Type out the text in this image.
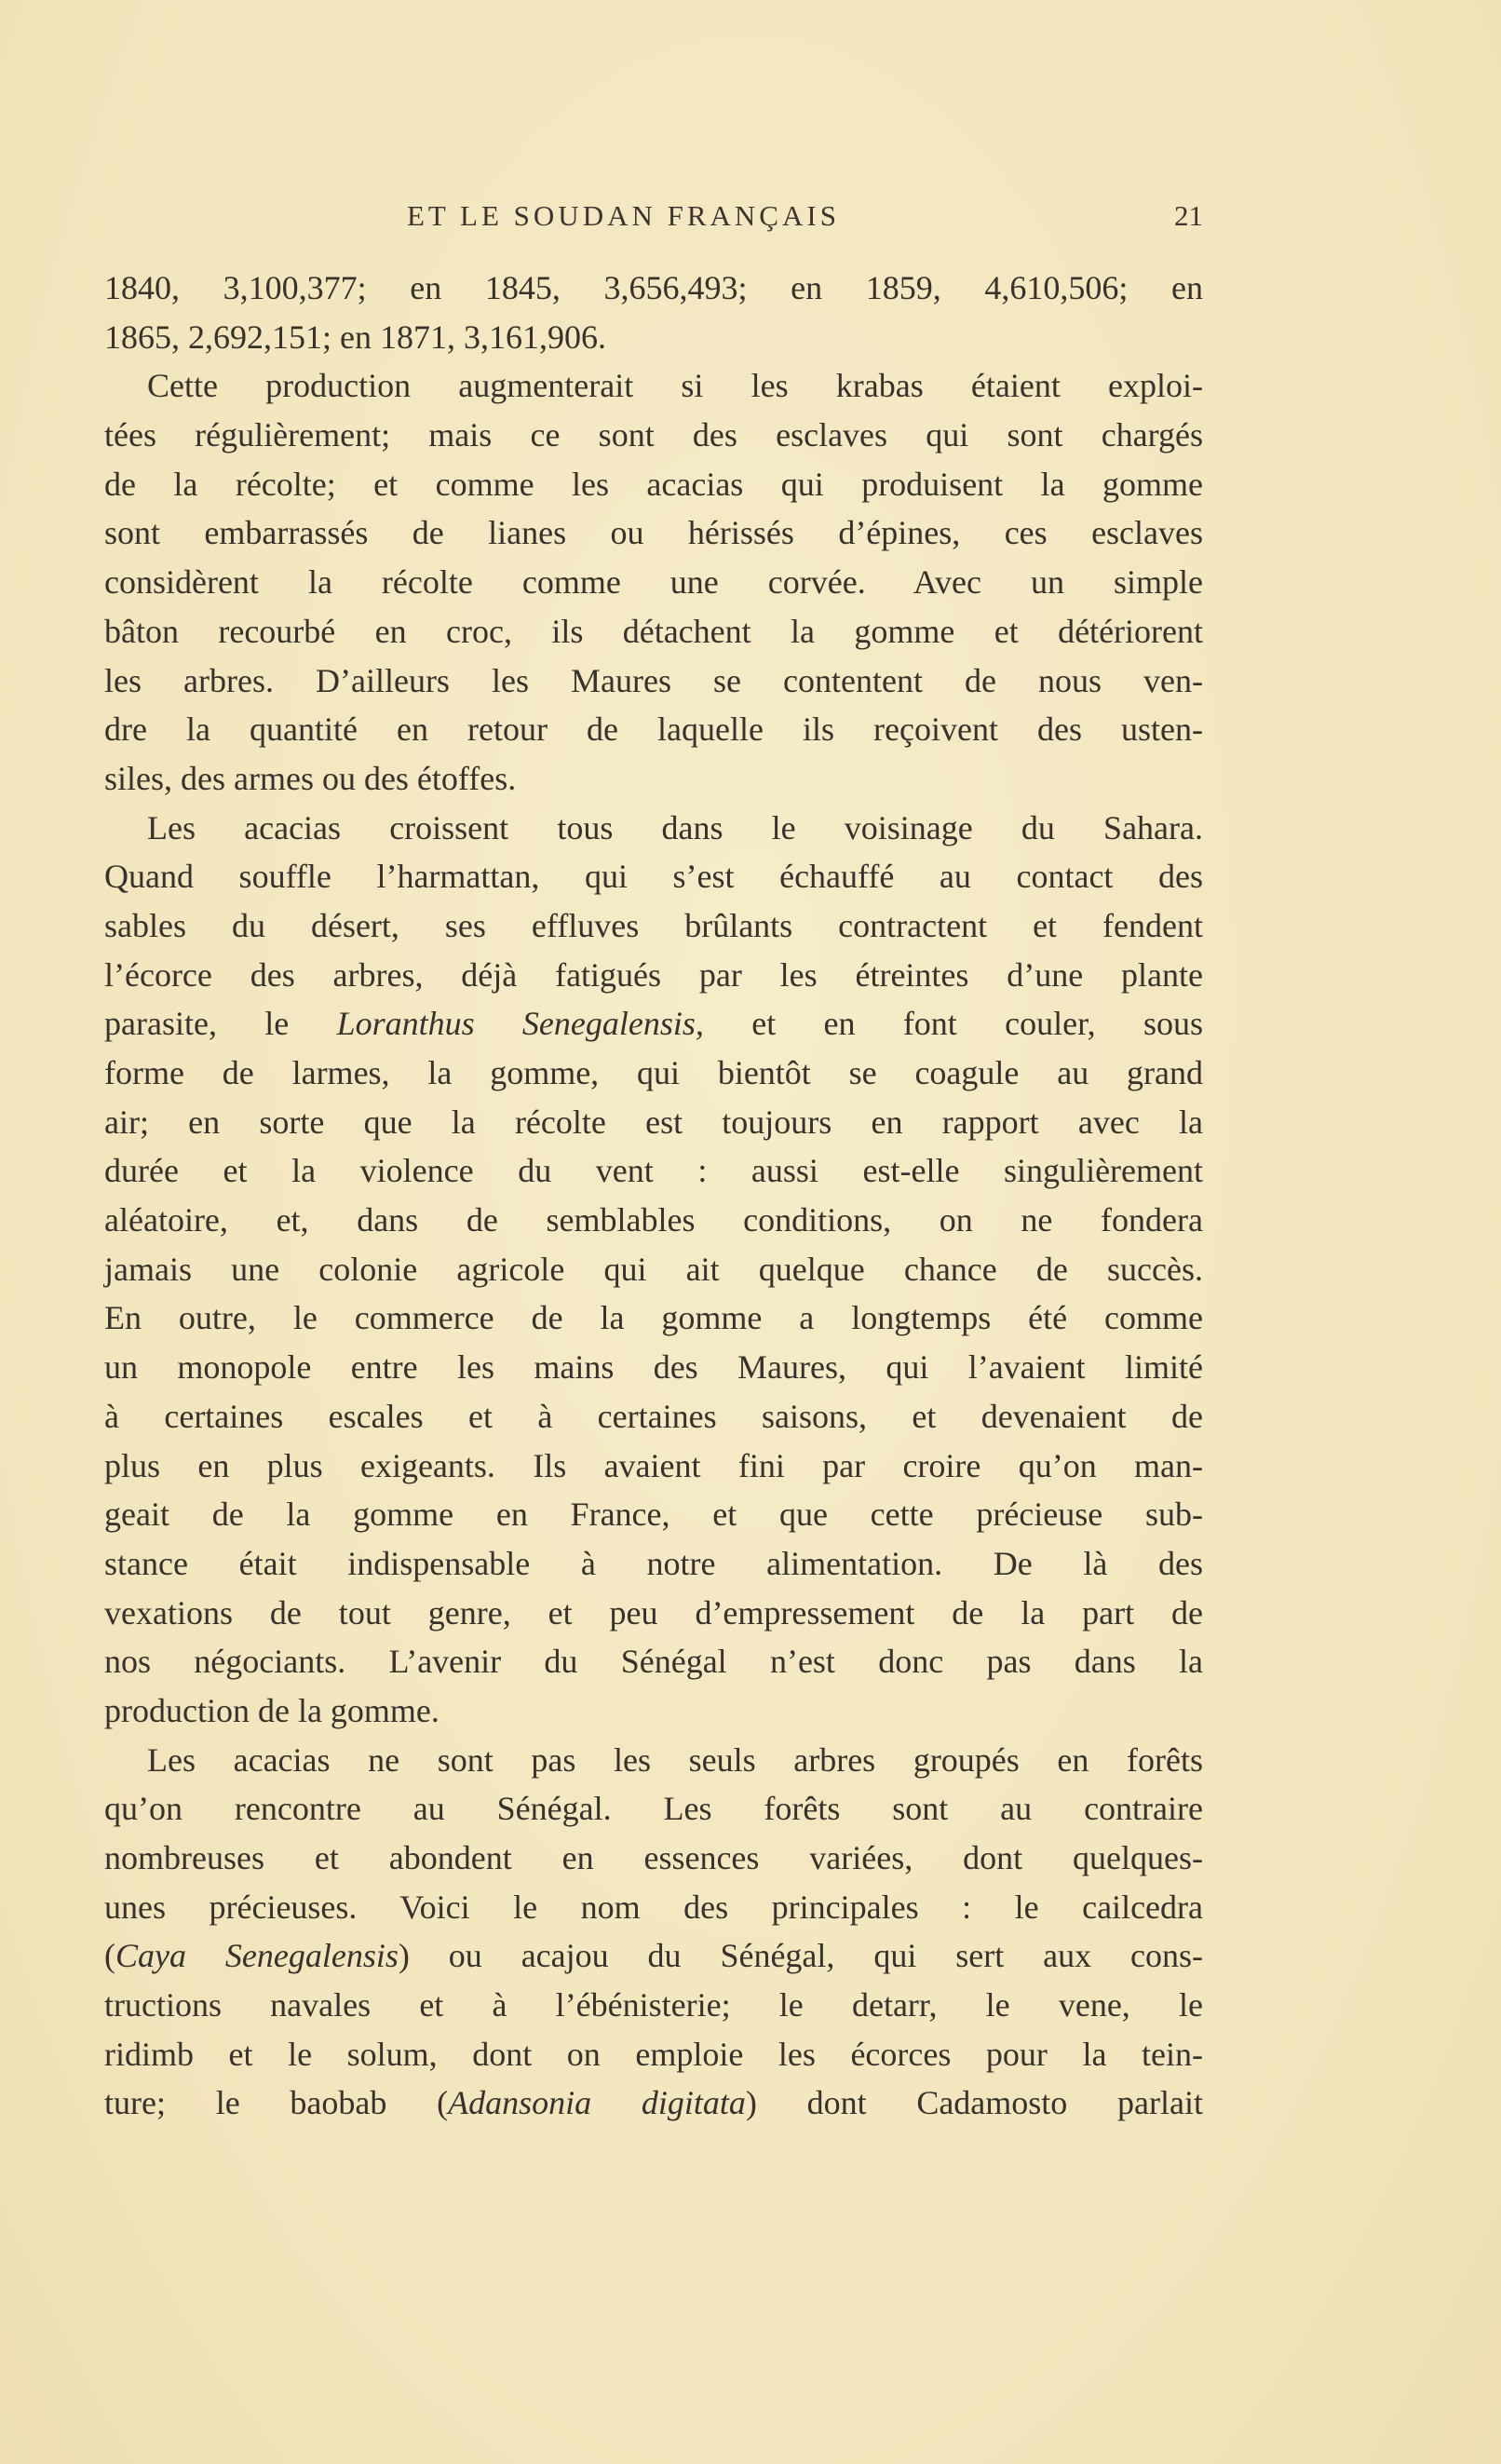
ET LE SOUDAN FRANÇAIS	21
1840, 3,100,377; en 1845, 3,656,493; en 1859, 4,610,506; en
1865, 2,692,151; en 1871, 3,161,906.
Cette production augmenterait si les krabas étaient exploi-
tées régulièrement; mais ce sont des esclaves qui sont chargés
de la récolte; et comme les acacias qui produisent la gomme
sont embarrassés de lianes ou hérissés d’épines, ces esclaves
considèrent la récolte comme une corvée. Avec un simple
bâton recourbé en croc, ils détachent la gomme et détériorent
les arbres. D’ailleurs les Maures se contentent de nous ven-
dre la quantité en retour de laquelle ils reçoivent des usten-
siles, des armes ou des étoffes.
Les acacias croissent tous dans le voisinage du Sahara.
Quand souffle l’harmattan, qui s’est échauffé au contact des
sables du désert, ses effluves brûlants contractent et fendent
l’écorce des arbres, déjà fatigués par les étreintes d’une plante
parasite, le Loranthus Senegalensis, et en font couler, sous
forme de larmes, la gomme, qui bientôt se coagule au grand
air; en sorte que la récolte est toujours en rapport avec la
durée et la violence du vent : aussi est-elle singulièrement
aléatoire, et, dans de semblables conditions, on ne fondera
jamais une colonie agricole qui ait quelque chance de succès.
En outre, le commerce de la gomme a longtemps été comme
un monopole entre les mains des Maures, qui l’avaient limité
à certaines escales et à certaines saisons, et devenaient de
plus en plus exigeants. Ils avaient fini par croire qu’on man-
geait de la gomme en France, et que cette précieuse sub-
stance était indispensable à notre alimentation. De là des
vexations de tout genre, et peu d’empressement de la part de
nos négociants. L’avenir du Sénégal n’est donc pas dans la
production de la gomme.
Les acacias ne sont pas les seuls arbres groupés en forêts
qu’on rencontre au Sénégal. Les forêts sont au contraire
nombreuses et abondent en essences variées, dont quelques-
unes précieuses. Voici le nom des principales : le cailcedra
(Caya Senegalensis) ou acajou du Sénégal, qui sert aux cons-
tructions navales et à l’ébénisterie; le detarr, le vene, le
ridimb et le solum, dont on emploie les écorces pour la tein-
ture; le baobab (Adansonia digitata) dont Cadamosto parlait
